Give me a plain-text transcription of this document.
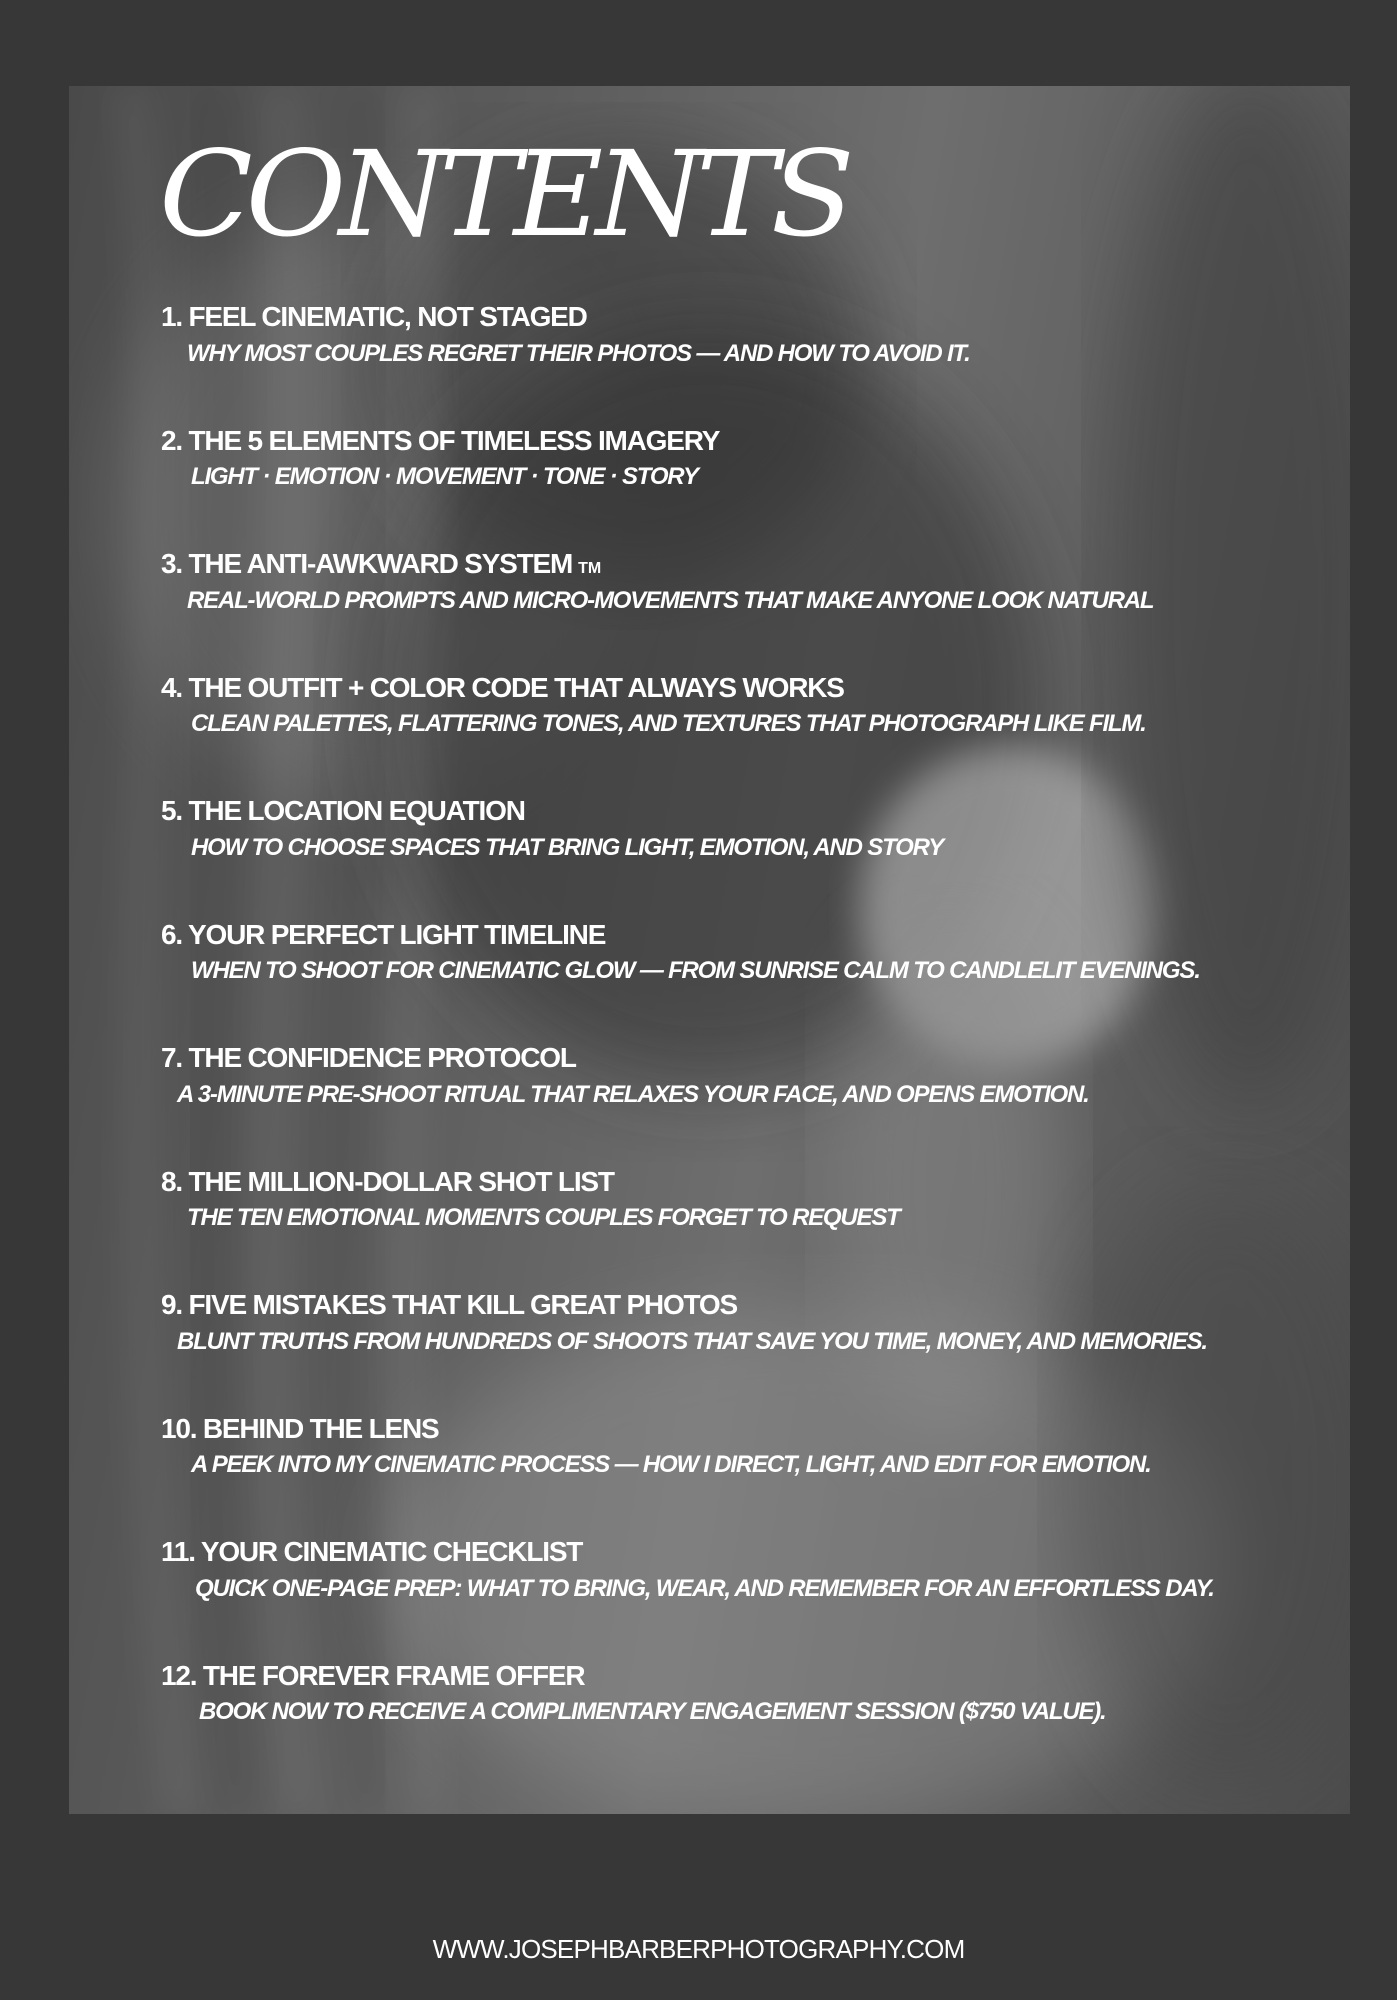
CONTENTS
1. FEEL CINEMATIC, NOT STAGED
WHY MOST COUPLES REGRET THEIR PHOTOS — AND HOW TO AVOID IT.
2. THE 5 ELEMENTS OF TIMELESS IMAGERY
LIGHT · EMOTION · MOVEMENT · TONE · STORY
3. THE ANTI-AWKWARD SYSTEM TM
REAL-WORLD PROMPTS AND MICRO-MOVEMENTS THAT MAKE ANYONE LOOK NATURAL
4. THE OUTFIT + COLOR CODE THAT ALWAYS WORKS
CLEAN PALETTES, FLATTERING TONES, AND TEXTURES THAT PHOTOGRAPH LIKE FILM.
5. THE LOCATION EQUATION
HOW TO CHOOSE SPACES THAT BRING LIGHT, EMOTION, AND STORY
6. YOUR PERFECT LIGHT TIMELINE
WHEN TO SHOOT FOR CINEMATIC GLOW — FROM SUNRISE CALM TO CANDLELIT EVENINGS.
7. THE CONFIDENCE PROTOCOL
A 3-MINUTE PRE-SHOOT RITUAL THAT RELAXES YOUR FACE, AND OPENS EMOTION.
8. THE MILLION-DOLLAR SHOT LIST
THE TEN EMOTIONAL MOMENTS COUPLES FORGET TO REQUEST
9. FIVE MISTAKES THAT KILL GREAT PHOTOS
BLUNT TRUTHS FROM HUNDREDS OF SHOOTS THAT SAVE YOU TIME, MONEY, AND MEMORIES.
10. BEHIND THE LENS
A PEEK INTO MY CINEMATIC PROCESS — HOW I DIRECT, LIGHT, AND EDIT FOR EMOTION.
11. YOUR CINEMATIC CHECKLIST
QUICK ONE-PAGE PREP: WHAT TO BRING, WEAR, AND REMEMBER FOR AN EFFORTLESS DAY.
12. THE FOREVER FRAME OFFER
BOOK NOW TO RECEIVE A COMPLIMENTARY ENGAGEMENT SESSION ($750 VALUE).
WWW.JOSEPHBARBERPHOTOGRAPHY.COM
